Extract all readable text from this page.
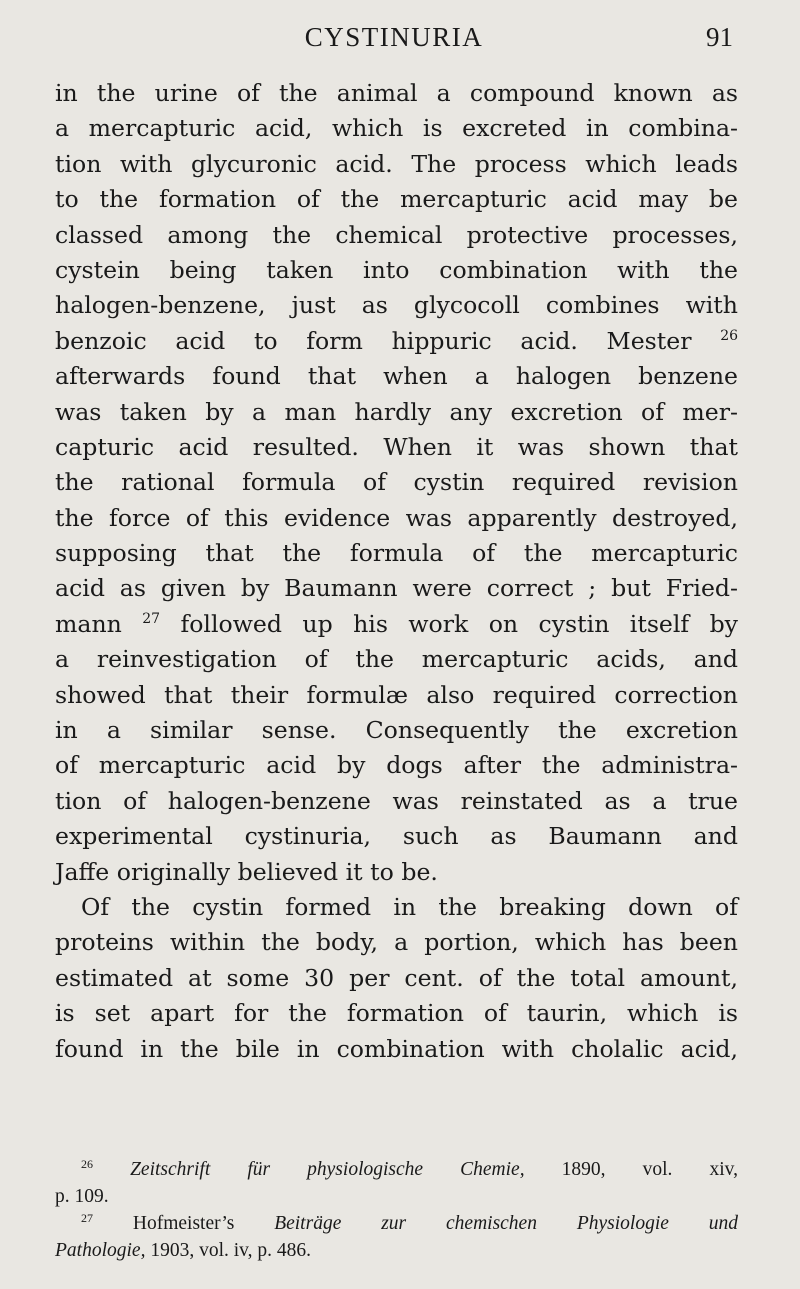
CYSTINURIA	91
in the urine of the animal a compound known as
a mercapturic acid, which is excreted in combina-
tion with glycuronic acid. The process which leads
to the formation of the mercapturic acid may be
classed among the chemical protective processes,
cystein being taken into combination with the
halogen-benzene, just as glycocoll combines with
benzoic acid to form hippuric acid. Mester $^{26}$
afterwards found that when a halogen benzene
was taken by a man hardly any excretion of mer-
capturic acid resulted. When it was shown that
the rational formula of cystin required revision
the force of this evidence was apparently destroyed,
supposing that the formula of the mercapturic
acid as given by Baumann were correct ; but Fried-
mann $^{27}$ followed up his work on cystin itself by
a reinvestigation of the mercapturic acids, and
showed that their formulæ also required correction
in a similar sense. Consequently the excretion
of mercapturic acid by dogs after the administra-
tion of halogen-benzene was reinstated as a true
experimental cystinuria, such as Baumann and
Jaffe originally believed it to be.
Of the cystin formed in the breaking down of
proteins within the body, a portion, which has been
estimated at some 30 per cent. of the total amount,
is set apart for the formation of taurin, which is
found in the bile in combination with cholalic acid,
$^{26}$ Zeitschrift für physiologische Chemie, 1890, vol. xiv,
p. 109.
$^{27}$ Hofmeister’s Beiträge zur chemischen Physiologie und
Pathologie, 1903, vol. iv, p. 486.
